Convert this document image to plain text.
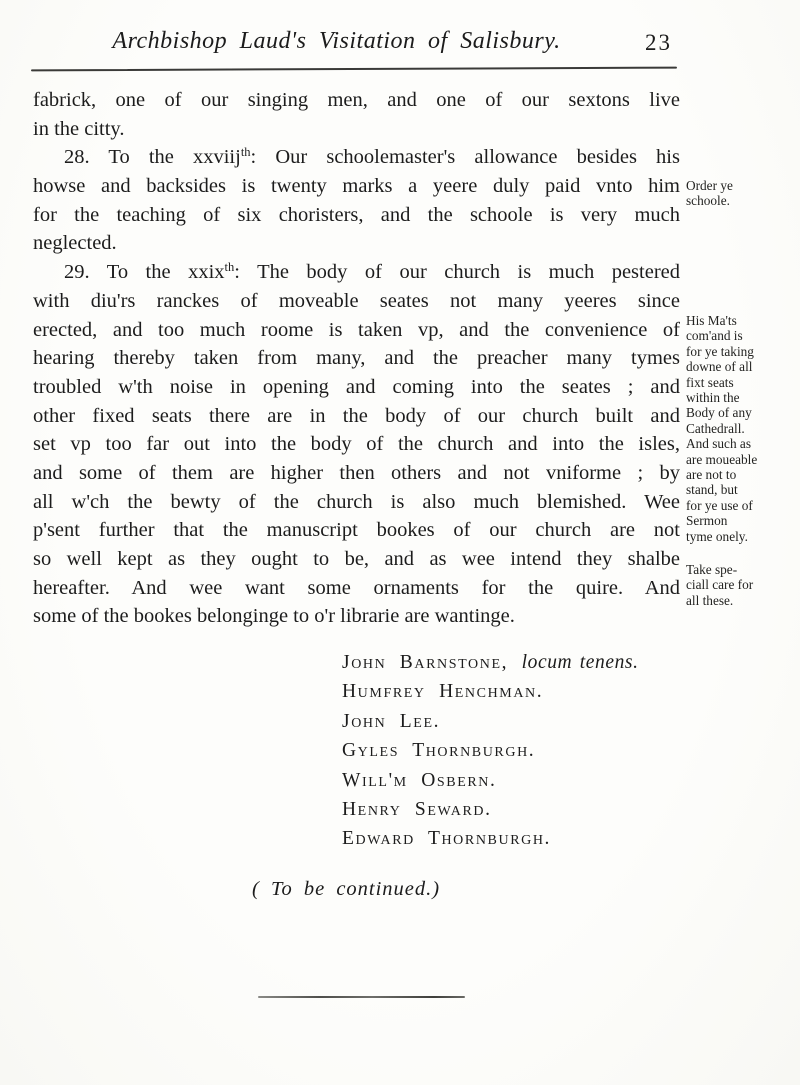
Archbishop Laud's Visitation of Salisbury.	23
fabrick, one of our singing men, and one of our sextons live
in the citty.
28. To the xxviij$^{th}$: Our schoolemaster's allowance besides his
howse and backsides is twenty marks a yeere duly paid vnto him
for the teaching of six choristers, and the schoole is very much
neglected.
29. To the xxix$^{th}$: The body of our church is much pestered
with diu'rs ranckes of moveable seates not many yeeres since
erected, and too much roome is taken vp, and the convenience of
hearing thereby taken from many, and the preacher many tymes
troubled w'th noise in opening and coming into the seates ; and
other fixed seats there are in the body of our church built and
set vp too far out into the body of the church and into the isles,
and some of them are higher then others and not vniforme ; by
all w'ch the bewty of the church is also much blemished. Wee
p'sent further that the manuscript bookes of our church are not
so well kept as they ought to be, and as wee intend they shalbe
hereafter. And wee want some ornaments for the quire. And
some of the bookes belonginge to o'r librarie are wantinge.
Order ye
schoole.
His Ma'ts
com'and is
for ye taking
downe of all
fixt seats
within the
Body of any
Cathedrall.
And such as
are moueable
are not to
stand, but
for ye use of
Sermon
tyme onely.
Take spe-
ciall care for
all these.
John Barnstone, locum tenens.
Humfrey Henchman.
John Lee.
Gyles Thornburgh.
Will'm Osbern.
Henry Seward.
Edward Thornburgh.
( To be continued.)
